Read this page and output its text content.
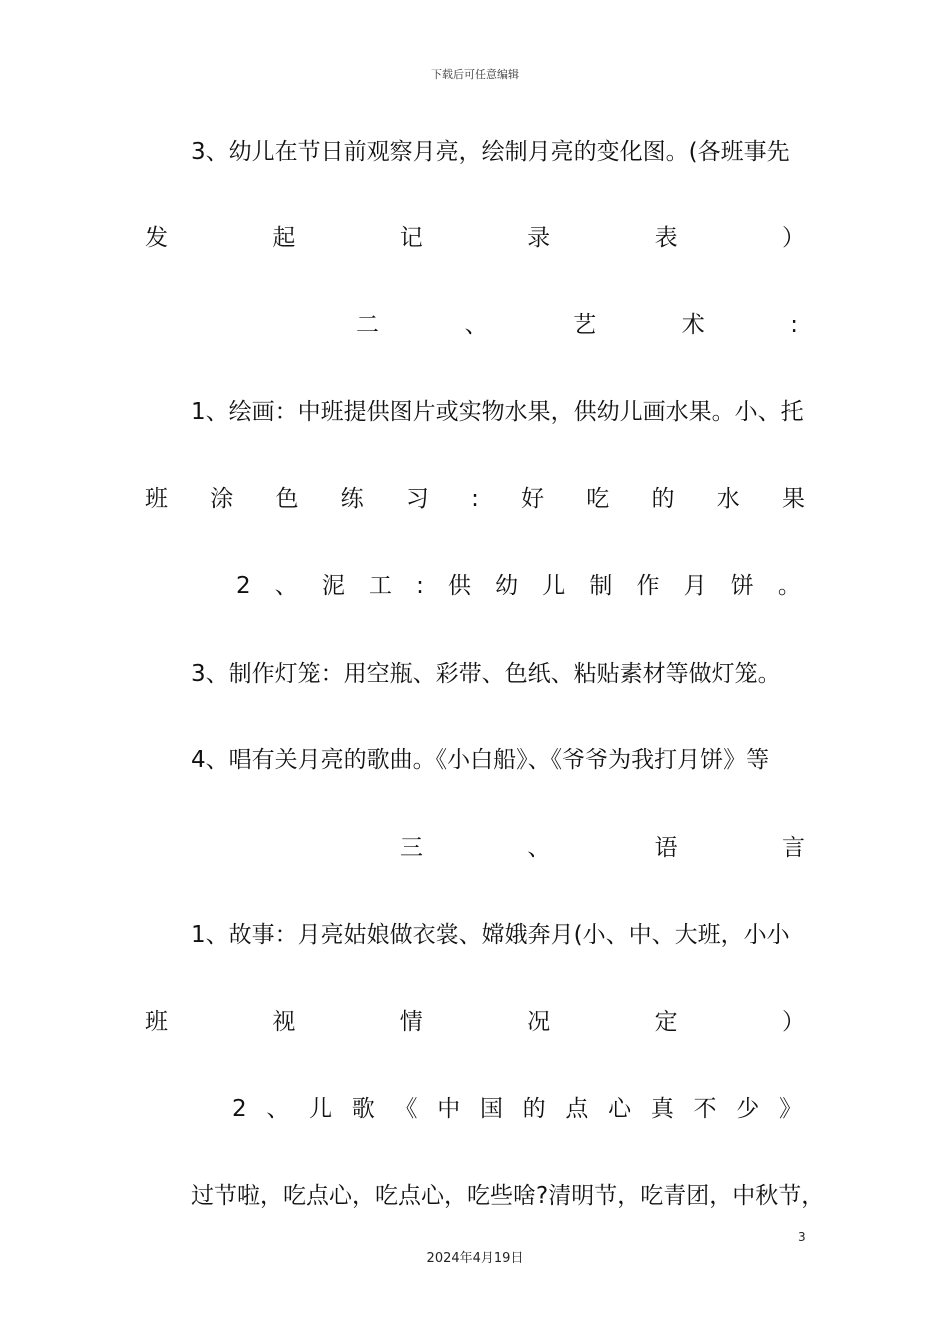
下载后可任意编辑
3、幼儿在节日前观察月亮，绘制月亮的变化图。(各班事先
发	起	记	录	表	）
二	、	艺	术	:
1、绘画：中班提供图片或实物水果，供幼儿画水果。小、托
班 涂 色 练 习 : 好 吃 的 水 果
2 、 泥 工 : 供 幼 儿 制 作 月 饼 。
3、制作灯笼：用空瓶、彩带、色纸、粘贴素材等做灯笼。
4、唱有关月亮的歌曲。《小白船》、《爷爷为我打月饼》等
三	、	语	言
1、故事：月亮姑娘做衣裳、嫦娥奔月(小、中、大班，小小
班	视	情	况	定	）
2 、 儿 歌 《 中 国 的 点 心 真 不 少 》
过节啦，吃点心，吃点心，吃些啥?清明节，吃青团，中秋节，
3
2024年4月19日
